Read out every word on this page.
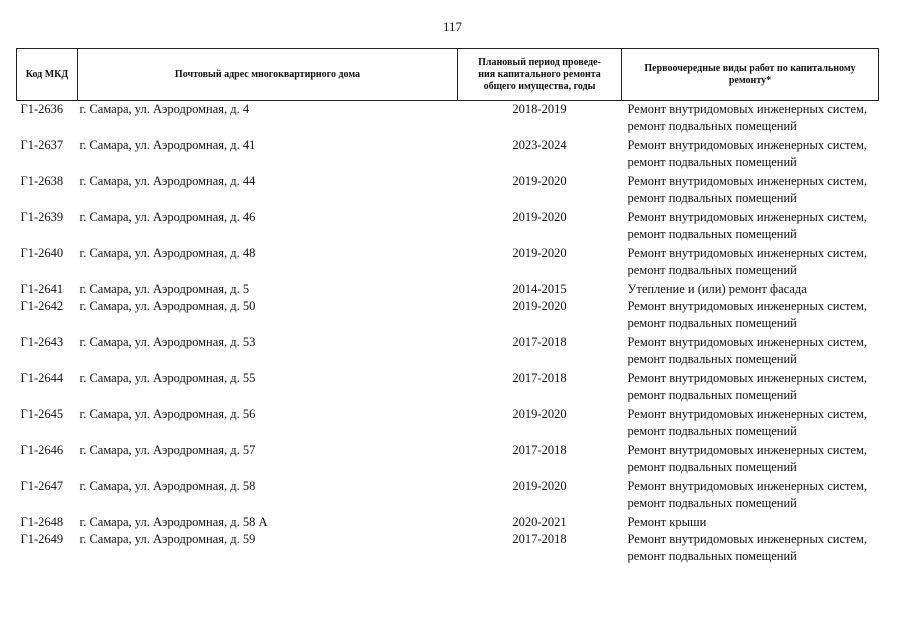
117
Код МКД	Почтовый адрес многоквартирного дома	Плановый период проведе-
ния капитального ремонта
общего имущества, годы	Первоочередные виды работ по капитальному
ремонту*

Г1-2636	г. Самара, ул. Аэродромная, д. 4	2018-2019	Ремонт внутридомовых инженерных систем,
ремонт подвальных помещений

Г1-2637	г. Самара, ул. Аэродромная, д. 41	2023-2024	Ремонт внутридомовых инженерных систем,
ремонт подвальных помещений

Г1-2638	г. Самара, ул. Аэродромная, д. 44	2019-2020	Ремонт внутридомовых инженерных систем,
ремонт подвальных помещений

Г1-2639	г. Самара, ул. Аэродромная, д. 46	2019-2020	Ремонт внутридомовых инженерных систем,
ремонт подвальных помещений

Г1-2640	г. Самара, ул. Аэродромная, д. 48	2019-2020	Ремонт внутридомовых инженерных систем,
ремонт подвальных помещений

Г1-2641	г. Самара, ул. Аэродромная, д. 5	2014-2015	Утепление и (или) ремонт фасада

Г1-2642	г. Самара, ул. Аэродромная, д. 50	2019-2020	Ремонт внутридомовых инженерных систем,
ремонт подвальных помещений

Г1-2643	г. Самара, ул. Аэродромная, д. 53	2017-2018	Ремонт внутридомовых инженерных систем,
ремонт подвальных помещений

Г1-2644	г. Самара, ул. Аэродромная, д. 55	2017-2018	Ремонт внутридомовых инженерных систем,
ремонт подвальных помещений

Г1-2645	г. Самара, ул. Аэродромная, д. 56	2019-2020	Ремонт внутридомовых инженерных систем,
ремонт подвальных помещений

Г1-2646	г. Самара, ул. Аэродромная, д. 57	2017-2018	Ремонт внутридомовых инженерных систем,
ремонт подвальных помещений

Г1-2647	г. Самара, ул. Аэродромная, д. 58	2019-2020	Ремонт внутридомовых инженерных систем,
ремонт подвальных помещений

Г1-2648	г. Самара, ул. Аэродромная, д. 58 А	2020-2021	Ремонт крыши

Г1-2649	г. Самара, ул. Аэродромная, д. 59	2017-2018	Ремонт внутридомовых инженерных систем,
ремонт подвальных помещений
